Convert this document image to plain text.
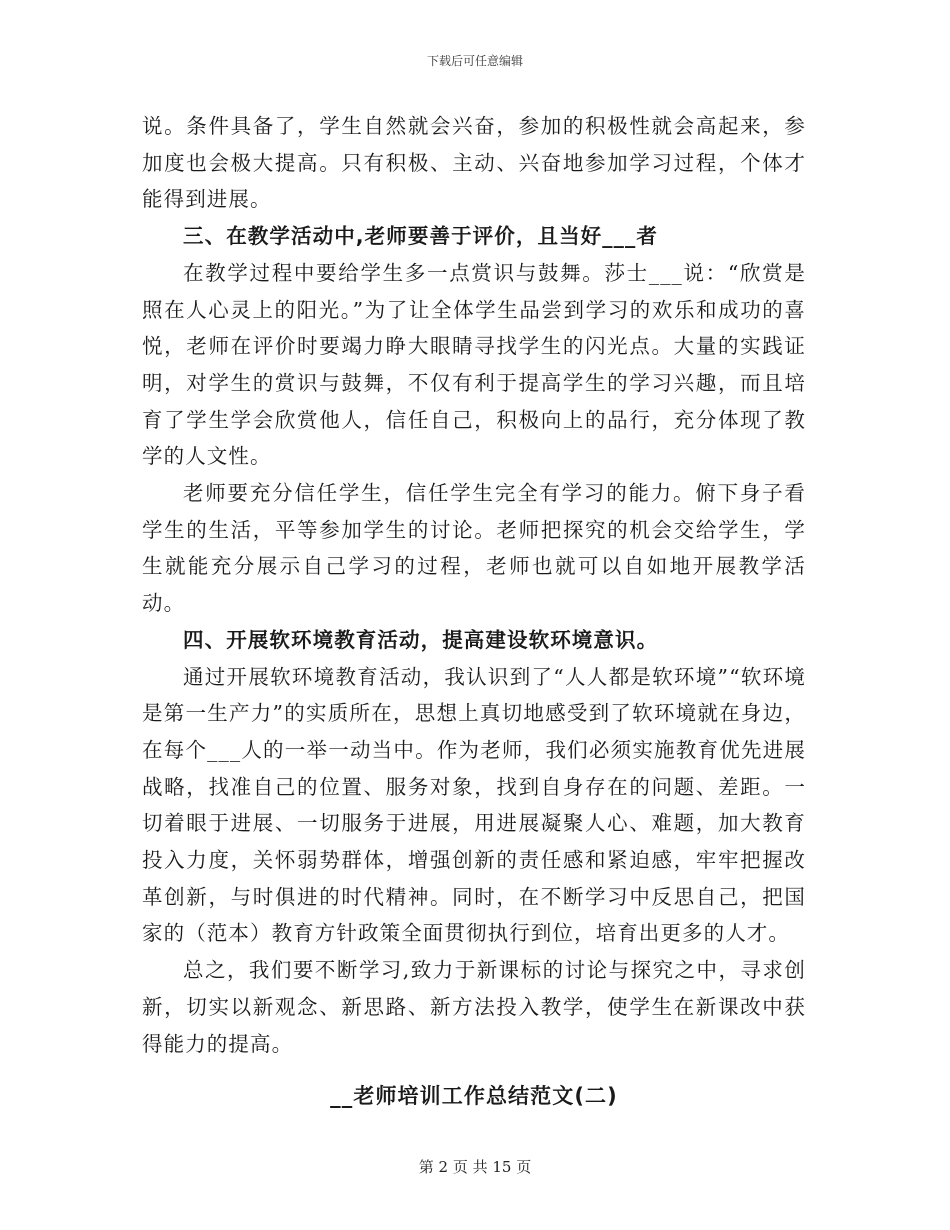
下载后可任意编辑

说。条件具备了，学生自然就会兴奋，参加的积极性就会高起来，参加度也会极大提高。只有积极、主动、兴奋地参加学习过程，个体才能得到进展。

三、在教学活动中,老师要善于评价，且当好___者

在教学过程中要给学生多一点赏识与鼓舞。莎士___说：“欣赏是照在人心灵上的阳光。”为了让全体学生品尝到学习的欢乐和成功的喜悦，老师在评价时要竭力睁大眼睛寻找学生的闪光点。大量的实践证明，对学生的赏识与鼓舞，不仅有利于提高学生的学习兴趣，而且培育了学生学会欣赏他人，信任自己，积极向上的品行，充分体现了教学的人文性。

老师要充分信任学生，信任学生完全有学习的能力。俯下身子看学生的生活，平等参加学生的讨论。老师把探究的机会交给学生，学生就能充分展示自己学习的过程，老师也就可以自如地开展教学活动。

四、开展软环境教育活动，提高建设软环境意识。

通过开展软环境教育活动，我认识到了“人人都是软环境”“软环境是第一生产力”的实质所在，思想上真切地感受到了软环境就在身边，在每个___人的一举一动当中。作为老师，我们必须实施教育优先进展战略，找准自己的位置、服务对象，找到自身存在的问题、差距。一切着眼于进展、一切服务于进展，用进展凝聚人心、难题，加大教育投入力度，关怀弱势群体，增强创新的责任感和紧迫感，牢牢把握改革创新，与时俱进的时代精神。同时，在不断学习中反思自己，把国家的（范本）教育方针政策全面贯彻执行到位，培育出更多的人才。

总之，我们要不断学习,致力于新课标的讨论与探究之中，寻求创新，切实以新观念、新思路、新方法投入教学，使学生在新课改中获得能力的提高。

__老师培训工作总结范文(二)
第 2 页 共 15 页
